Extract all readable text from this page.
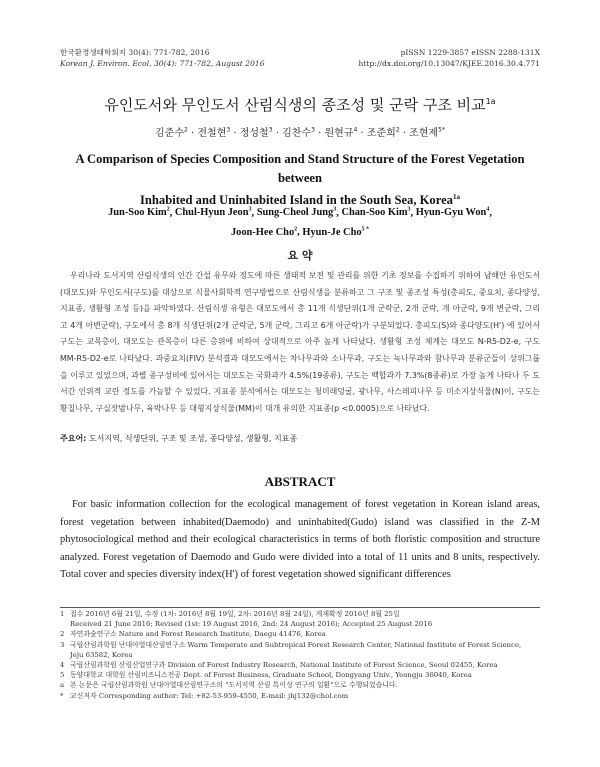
한국환경생태학회지 30(4): 771-782, 2016
Korean J. Environ. Ecol. 30(4): 771-782, August 2016
pISSN 1229-3857 eISSN 2288-131X
http://dx.doi.org/10.13047/KJEE.2016.30.4.771
유인도서와 무인도서 산림식생의 종조성 및 군락 구조 비교$^{1a}$
김준수$^2$ · 전철현$^3$ · 정성철$^3$ · 김찬수$^3$ · 원현규$^4$ · 조준희$^2$ · 조현제$^{5*}$
A Comparison of Species Composition and Stand Structure of the Forest Vegetation between
Inhabited and Uninhabited Island in the South Sea, Korea$^{1a}$
Jun-Soo Kim$^2$, Chul-Hyun Jeon$^3$, Sung-Cheol Jung$^3$, Chan-Soo Kim$^3$, Hyun-Gyu Won$^4$,
Joon-Hee Cho$^2$, Hyun-Je Cho$^{5 *}$
요 약

우리나라 도서지역 산림식생의 인간 간섭 유무와 정도에 따른 생태적 보전 및 관리를 위한 기초 정보를 수집하기 위하여 남해안 유인도서(대모도)와 무인도서(구도)를 대상으로 식물사회학적 연구방법으로 산림식생을 분류하고 그 구조 및 종조성 특성(총피도, 중요치, 종다양성, 지표종, 생활형 조성 등)을 파악하였다. 산림식생 유형은 대모도에서 총 11개 식생단위(1개 군락군, 2개 군락, 개 아군락, 9개 변군락, 그리고 4개 아변군락), 구도에서 총 8개 식생단위(2개 군락군, 5개 군락, 그리고 6개 아군락)가 구분되었다. 총피도(S)와 종다양도(H') 에 있어서 구도는 교목층이, 대모도는 관목층이 다른 층위에 비하여 상대적으로 아주 높게 나타났다. 생활형 조성 체계는 대모도 N-R5-D2-e, 구도 MM-R5-D2-e로 나타났다. 과중요치(FIV) 분석결과 대모도에서는 차나무과와 소나무과, 구도는 녹나무과와 참나무과 분류군들이 상위그룹을 이루고 있었으며, 과별 종구성비에 있어서는 대모도는 국화과가 4.5%(19종류), 구도는 백합과가 7.3%(8종류)로 가장 높게 나타나 두 도서간 인위적 교란 정도를 가늠할 수 있었다. 지표종 분석에서는 대모도는 청미래덩굴, 광나무, 사스레피나무 등 미소지상식물(N)이, 구도는 황칠나무, 구실잣밤나무, 육박나무 등 대형지상식물(MM)이 대개 유의한 지표종(p <0.0005)으로 나타났다.

주요어: 도서지역, 식생단위, 구조 및 조성, 종다양성, 생활형, 지표종
ABSTRACT

For basic information collection for the ecological management of forest vegetation in Korean island areas, forest vegetation between inhabited(Daemodo) and uninhabited(Gudo) island was classified in the Z-M phytosociological method and their ecological characteristics in terms of both floristic composition and structure analyzed. Forest vegetation of Daemodo and Gudo were divided into a total of 11 units and 8 units, respectively. Total cover and species diversity index(H') of forest vegetation showed significant differences

1 접수 2016년 6월 21일, 수정 (1차: 2016년 8월 19일, 2차: 2016년 8월 24일), 게재확정 2016년 8월 25일
Received 21 June 2016; Revised (1st: 19 August 2016, 2nd: 24 August 2016); Accepted 25 August 2016
2 자연과숲연구소 Nature and Forest Research Institute, Daegu 41476, Korea
3 국립산림과학원 난대아열대산림연구소 Warm Temperate and Subtropical Forest Research Center, National Institute of Forest Science,
Jeju 63582, Korea
4 국립산림과학원 산림산업연구과 Division of Forest Industry Research, National Institute of Forest Science, Seoul 02455, Korea
5 동양대학교 대학원 산림비즈니스전공 Dept. of Forest Business, Graduate School, Dongyang Univ., Yeongju 36040, Korea
a 본 논문은 국립산림과학원 난대아열대산림연구소의 "도서지역 산림 특이성 연구의 일환"으로 수행되었습니다.
* 교신저자 Corresponding author: Tel: +82-53-959-4550, E-mail: jhj132@chol.com
